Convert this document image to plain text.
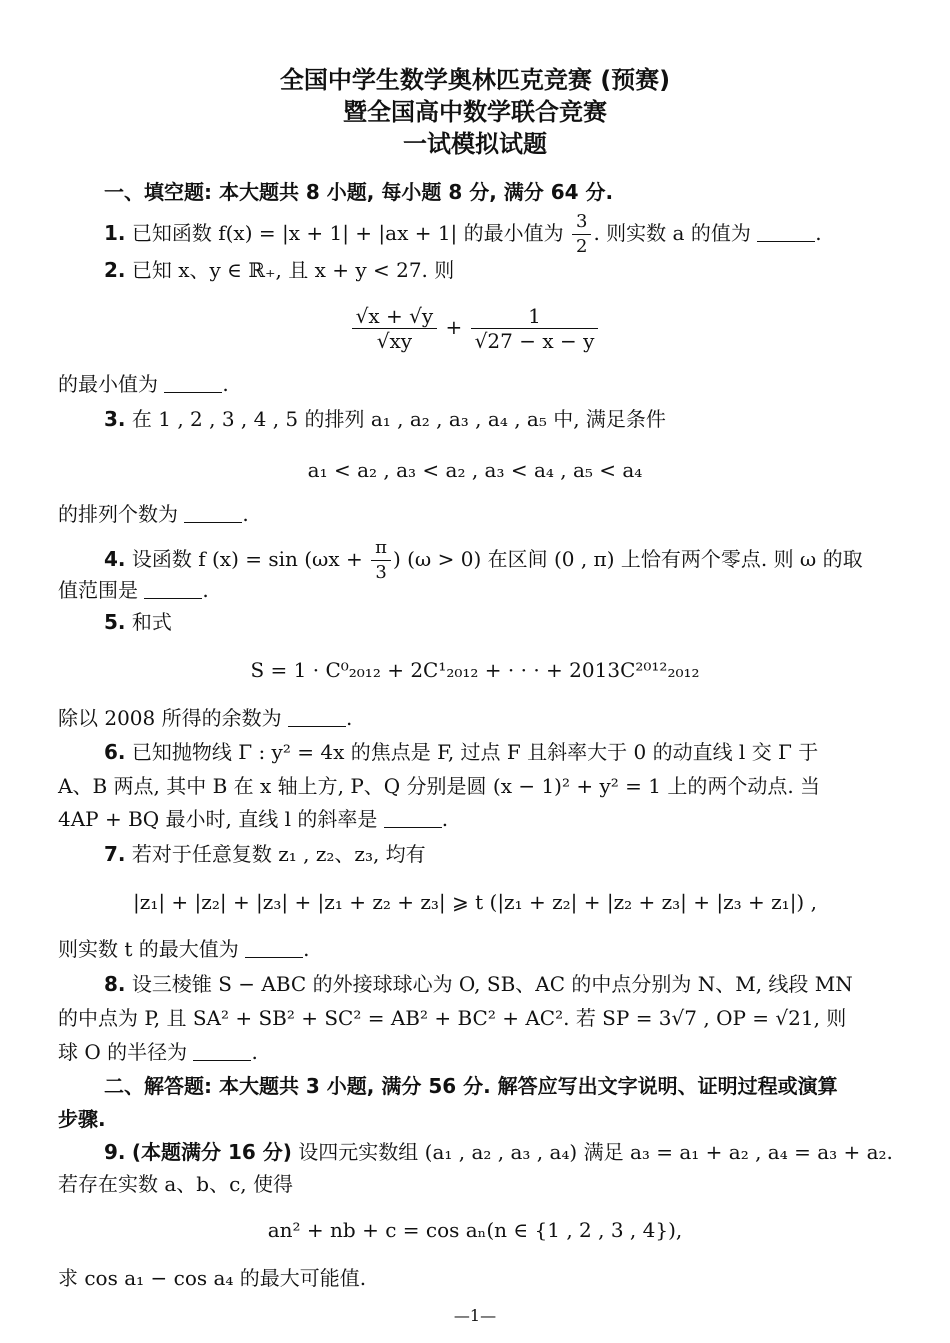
全国中学生数学奥林匹克竞赛 (预赛)
暨全国高中数学联合竞赛
一试模拟试题
一、填空题: 本大题共 8 小题, 每小题 8 分, 满分 64 分.
1. 已知函数 f(x) = |x + 1| + |ax + 1| 的最小值为 $\frac{3}{2}$ . 则实数 a 的值为	.
2. 已知 x、y ∈ ℝ₊, 且 x + y < 27. 则
$\frac{√x + √y}{√xy} + \frac{1}{√27 - x - y}$
的最小值为	.
3. 在 1 , 2 , 3 , 4 , 5 的排列 a₁ , a₂ , a₃ , a₄ , a₅ 中, 满足条件
a₁ < a₂ , a₃ < a₂ , a₃ < a₄ , a₅ < a₄
的排列个数为	.
4. 设函数 f $(x) = \sin (\omega x + \frac{\pi}{3}$ ) (ω > 0) 在区间 (0 , π) 上恰有两个零点. 则 ω 的取
值范围是	.
5. 和式
S = 1 · C⁰₂₀₁₂ + 2C¹₂₀₁₂ + · · · + 2013C²⁰¹²₂₀₁₂
除以 2008 所得的余数为	.
6. 已知抛物线 Γ : y² = 4x 的焦点是 F, 过点 F 且斜率大于 0 的动直线 l 交 Γ 于
A、B 两点, 其中 B 在 x 轴上方, P、Q 分别是圆 (x − 1)² + y² = 1 上的两个动点. 当
4AP + BQ 最小时, 直线 l 的斜率是	.
7. 若对于任意复数 z₁ , z₂、z₃, 均有
|z₁| + |z₂| + |z₃| + |z₁ + z₂ + z₃| ⩾ t (|z₁ + z₂| + |z₂ + z₃| + |z₃ + z₁|) ,
则实数 t 的最大值为	.
8. 设三棱锥 S − ABC 的外接球球心为 O, SB、AC 的中点分别为 N、M, 线段 MN
的中点为 P, 且 SA² + SB² + SC² = AB² + BC² + AC². 若 SP = 3√7 , OP = √21, 则
球 O 的半径为	.
二、解答题: 本大题共 3 小题, 满分 56 分. 解答应写出文字说明、证明过程或演算
步骤.
9. (本题满分 16 分) 设四元实数组 (a₁ , a₂ , a₃ , a₄) 满足 a₃ = a₁ + a₂ , a₄ = a₃ + a₂.
若存在实数 a、b、c, 使得
an² + nb + c = cos aₙ(n ∈ {1 , 2 , 3 , 4}),
求 cos a₁ − cos a₄ 的最大可能值.
—1—
